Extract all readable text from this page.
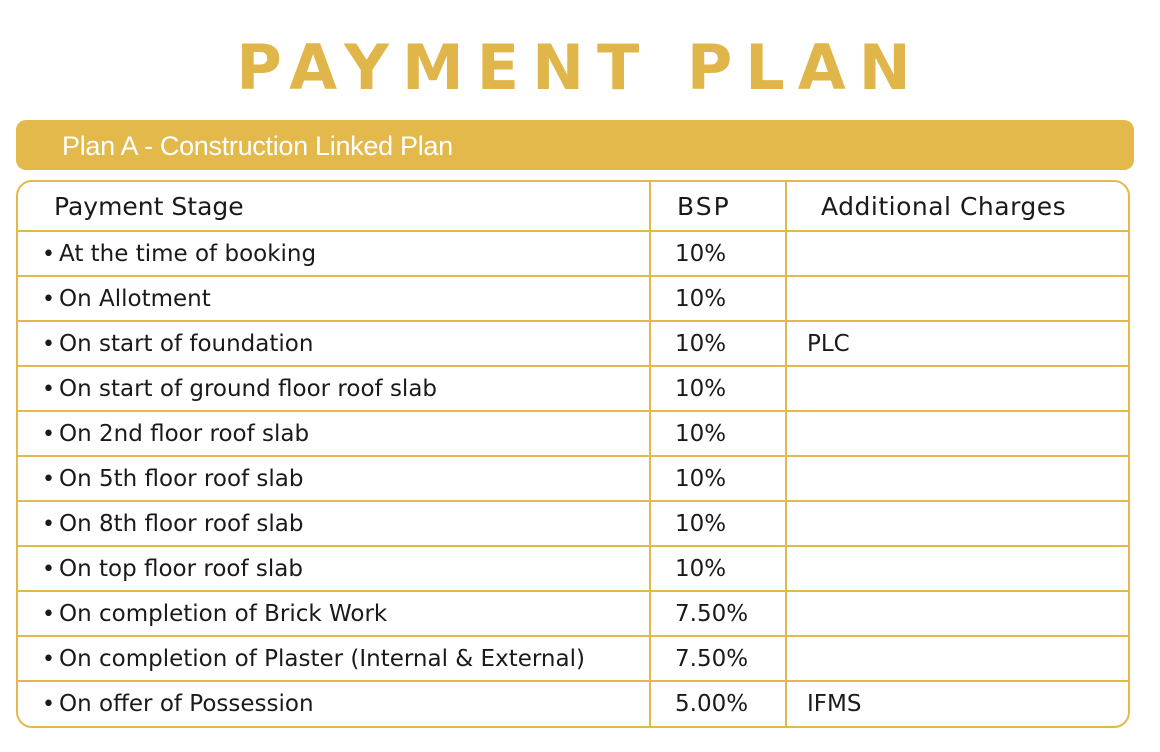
PAYMENT PLAN
Plan A - Construction Linked Plan
Payment Stage	BSP	Additional Charges
• At the time of booking	10%	
• On Allotment	10%	
• On start of foundation	10%	PLC
• On start of ground floor roof slab	10%	
• On 2nd floor roof slab	10%	
• On 5th floor roof slab	10%	
• On 8th floor roof slab	10%	
• On top floor roof slab	10%	
• On completion of Brick Work	7.50%	
• On completion of Plaster (Internal & External)	7.50%	
• On offer of Possession	5.00%	IFMS
